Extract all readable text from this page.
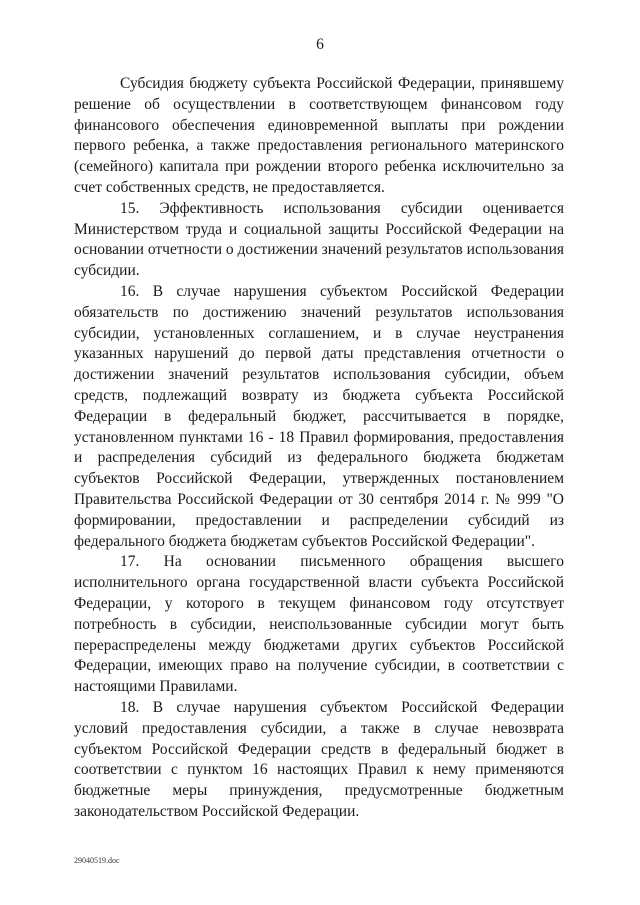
6

Субсидия бюджету субъекта Российской Федерации, принявшему решение об осуществлении в соответствующем финансовом году финансового обеспечения единовременной выплаты при рождении первого ребенка, а также предоставления регионального материнского (семейного) капитала при рождении второго ребенка исключительно за счет собственных средств, не предоставляется.

15. Эффективность использования субсидии оценивается Министерством труда и социальной защиты Российской Федерации на основании отчетности о достижении значений результатов использования субсидии.

16. В случае нарушения субъектом Российской Федерации обязательств по достижению значений результатов использования субсидии, установленных соглашением, и в случае неустранения указанных нарушений до первой даты представления отчетности о достижении значений результатов использования субсидии, объем средств, подлежащий возврату из бюджета субъекта Российской Федерации в федеральный бюджет, рассчитывается в порядке, установленном пунктами 16 - 18 Правил формирования, предоставления и распределения субсидий из федерального бюджета бюджетам субъектов Российской Федерации, утвержденных постановлением Правительства Российской Федерации от 30 сентября 2014 г. № 999 "О формировании, предоставлении и распределении субсидий из федерального бюджета бюджетам субъектов Российской Федерации".

17. На основании письменного обращения высшего исполнительного органа государственной власти субъекта Российской Федерации, у которого в текущем финансовом году отсутствует потребность в субсидии, неиспользованные субсидии могут быть перераспределены между бюджетами других субъектов Российской Федерации, имеющих право на получение субсидии, в соответствии с настоящими Правилами.

18. В случае нарушения субъектом Российской Федерации условий предоставления субсидии, а также в случае невозврата субъектом Российской Федерации средств в федеральный бюджет в соответствии с пунктом 16 настоящих Правил к нему применяются бюджетные меры принуждения, предусмотренные бюджетным законодательством Российской Федерации.

29040519.doc
